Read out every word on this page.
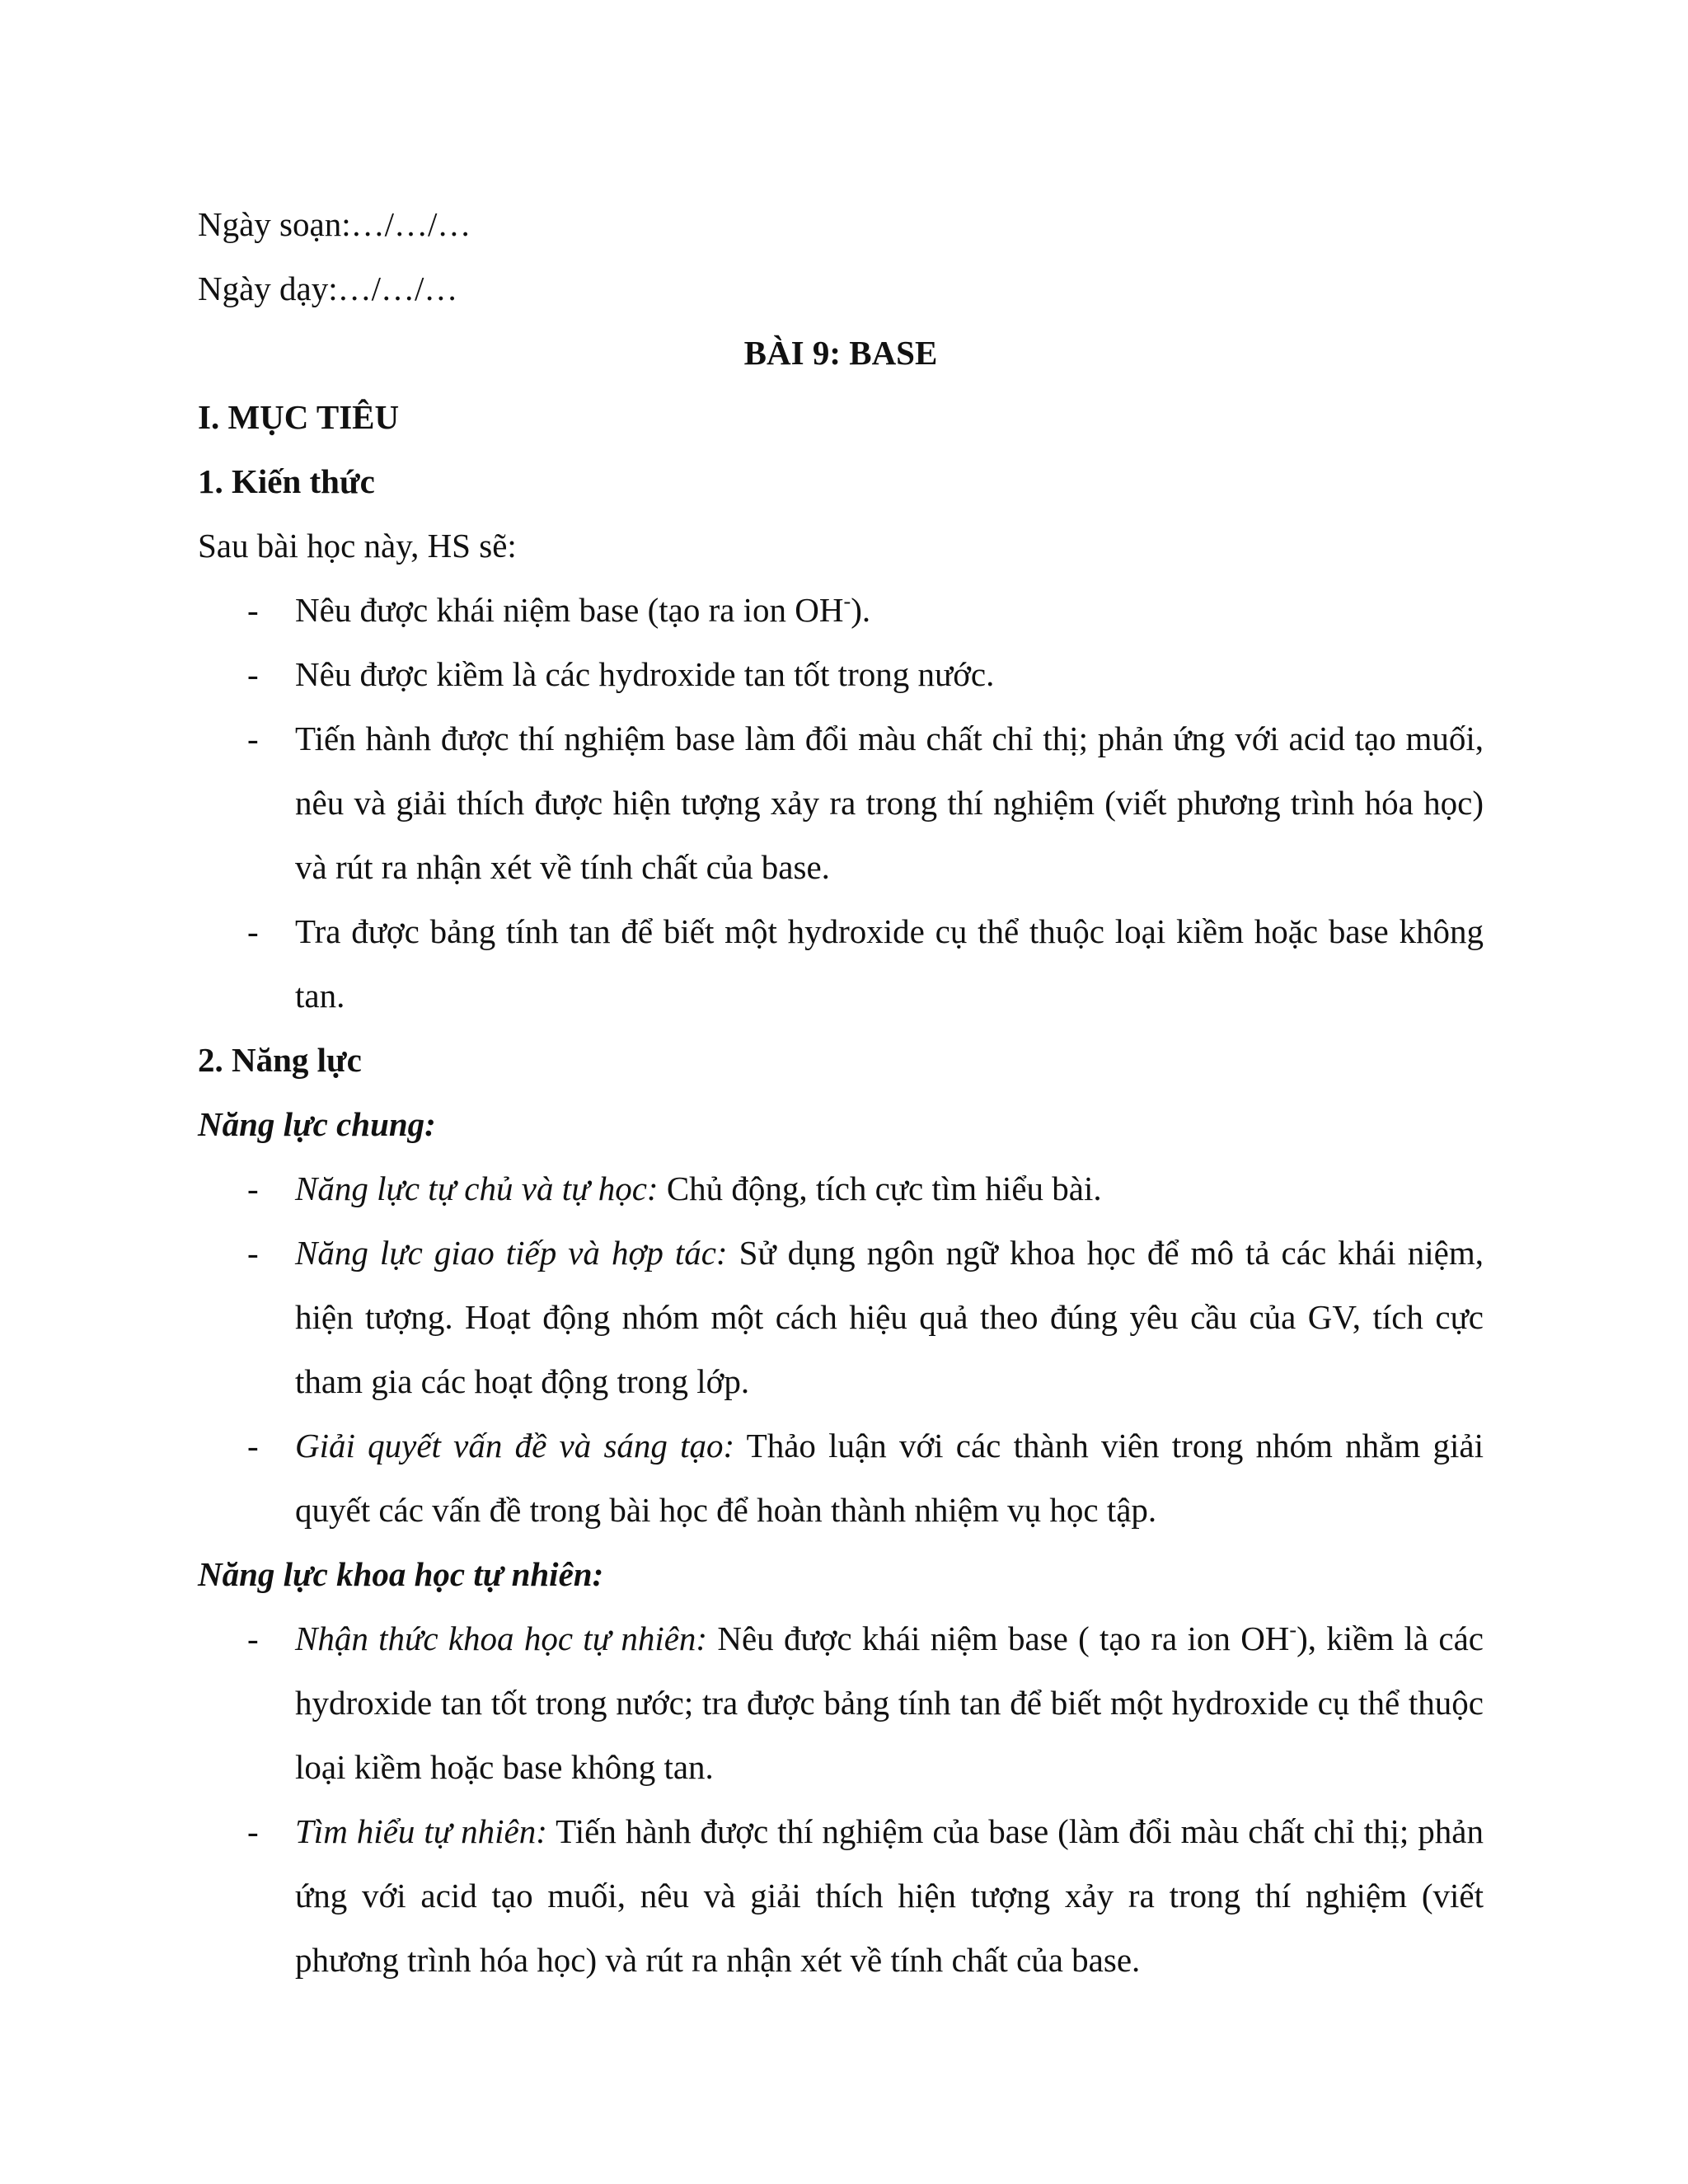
Ngày soạn:…/…/…

Ngày dạy:…/…/…

BÀI 9: BASE

I. MỤC TIÊU

1. Kiến thức

Sau bài học này, HS sẽ:

- Nêu được khái niệm base (tạo ra ion OH-).
- Nêu được kiềm là các hydroxide tan tốt trong nước.
- Tiến hành được thí nghiệm base làm đổi màu chất chỉ thị; phản ứng với acid tạo muối, nêu và giải thích được hiện tượng xảy ra trong thí nghiệm (viết phương trình hóa học) và rút ra nhận xét về tính chất của base.
- Tra được bảng tính tan để biết một hydroxide cụ thể thuộc loại kiềm hoặc base không tan.

2. Năng lực

Năng lực chung:

- Năng lực tự chủ và tự học: Chủ động, tích cực tìm hiểu bài.
- Năng lực giao tiếp và hợp tác: Sử dụng ngôn ngữ khoa học để mô tả các khái niệm, hiện tượng. Hoạt động nhóm một cách hiệu quả theo đúng yêu cầu của GV, tích cực tham gia các hoạt động trong lớp.
- Giải quyết vấn đề và sáng tạo: Thảo luận với các thành viên trong nhóm nhằm giải quyết các vấn đề trong bài học để hoàn thành nhiệm vụ học tập.

Năng lực khoa học tự nhiên:

- Nhận thức khoa học tự nhiên: Nêu được khái niệm base ( tạo ra ion OH-), kiềm là các hydroxide tan tốt trong nước; tra được bảng tính tan để biết một hydroxide cụ thể thuộc loại kiềm hoặc base không tan.
- Tìm hiểu tự nhiên: Tiến hành được thí nghiệm của base (làm đổi màu chất chỉ thị; phản ứng với acid tạo muối, nêu và giải thích hiện tượng xảy ra trong thí nghiệm (viết phương trình hóa học) và rút ra nhận xét về tính chất của base.
